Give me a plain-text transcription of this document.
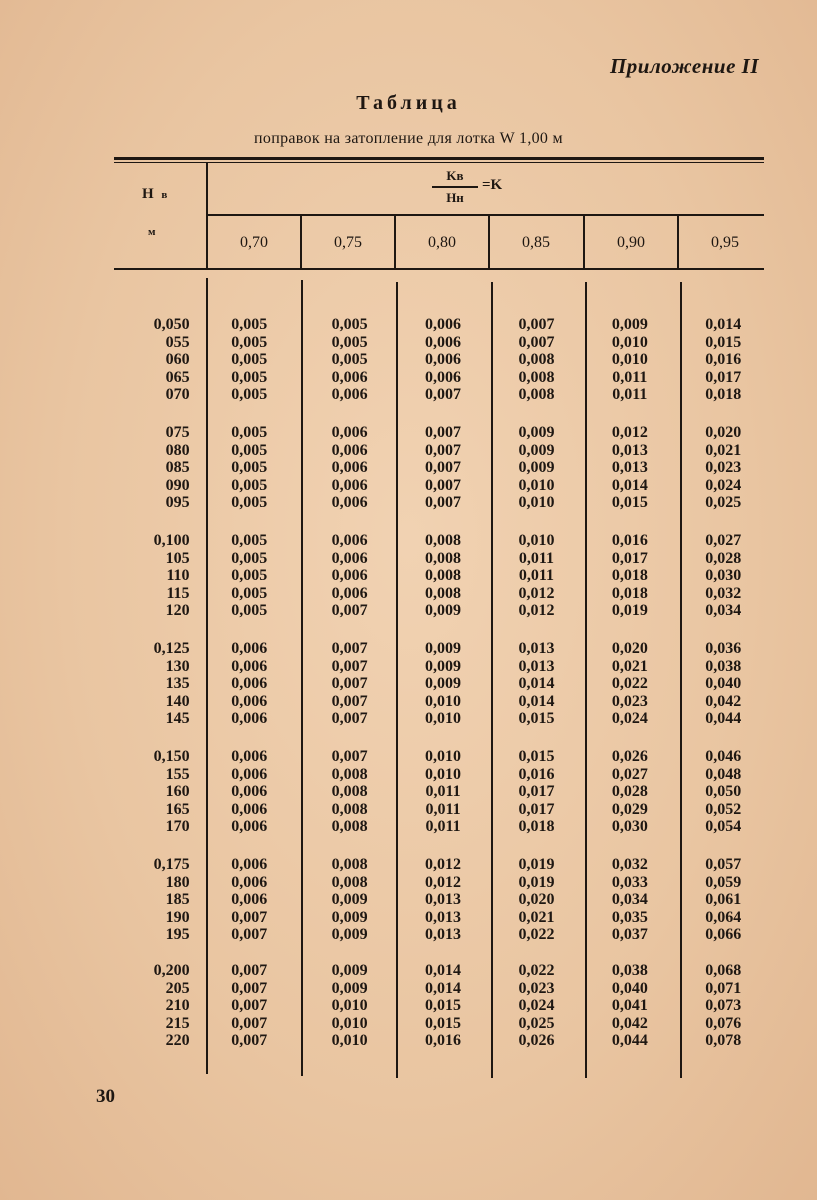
Приложение II
Таблица
поправок на затопление для лотка W 1,00 м
H в
м
Kв
Hн
=K
0,70	0,75	0,80	0,85	0,90	0,95
0,050	0,005	0,005	0,006	0,007	0,009	0,014
055	0,005	0,005	0,006	0,007	0,010	0,015
060	0,005	0,005	0,006	0,008	0,010	0,016
065	0,005	0,006	0,006	0,008	0,011	0,017
070	0,005	0,006	0,007	0,008	0,011	0,018
075	0,005	0,006	0,007	0,009	0,012	0,020
080	0,005	0,006	0,007	0,009	0,013	0,021
085	0,005	0,006	0,007	0,009	0,013	0,023
090	0,005	0,006	0,007	0,010	0,014	0,024
095	0,005	0,006	0,007	0,010	0,015	0,025
0,100	0,005	0,006	0,008	0,010	0,016	0,027
105	0,005	0,006	0,008	0,011	0,017	0,028
110	0,005	0,006	0,008	0,011	0,018	0,030
115	0,005	0,006	0,008	0,012	0,018	0,032
120	0,005	0,007	0,009	0,012	0,019	0,034
0,125	0,006	0,007	0,009	0,013	0,020	0,036
130	0,006	0,007	0,009	0,013	0,021	0,038
135	0,006	0,007	0,009	0,014	0,022	0,040
140	0,006	0,007	0,010	0,014	0,023	0,042
145	0,006	0,007	0,010	0,015	0,024	0,044
0,150	0,006	0,007	0,010	0,015	0,026	0,046
155	0,006	0,008	0,010	0,016	0,027	0,048
160	0,006	0,008	0,011	0,017	0,028	0,050
165	0,006	0,008	0,011	0,017	0,029	0,052
170	0,006	0,008	0,011	0,018	0,030	0,054
0,175	0,006	0,008	0,012	0,019	0,032	0,057
180	0,006	0,008	0,012	0,019	0,033	0,059
185	0,006	0,009	0,013	0,020	0,034	0,061
190	0,007	0,009	0,013	0,021	0,035	0,064
195	0,007	0,009	0,013	0,022	0,037	0,066
0,200	0,007	0,009	0,014	0,022	0,038	0,068
205	0,007	0,009	0,014	0,023	0,040	0,071
210	0,007	0,010	0,015	0,024	0,041	0,073
215	0,007	0,010	0,015	0,025	0,042	0,076
220	0,007	0,010	0,016	0,026	0,044	0,078
30
